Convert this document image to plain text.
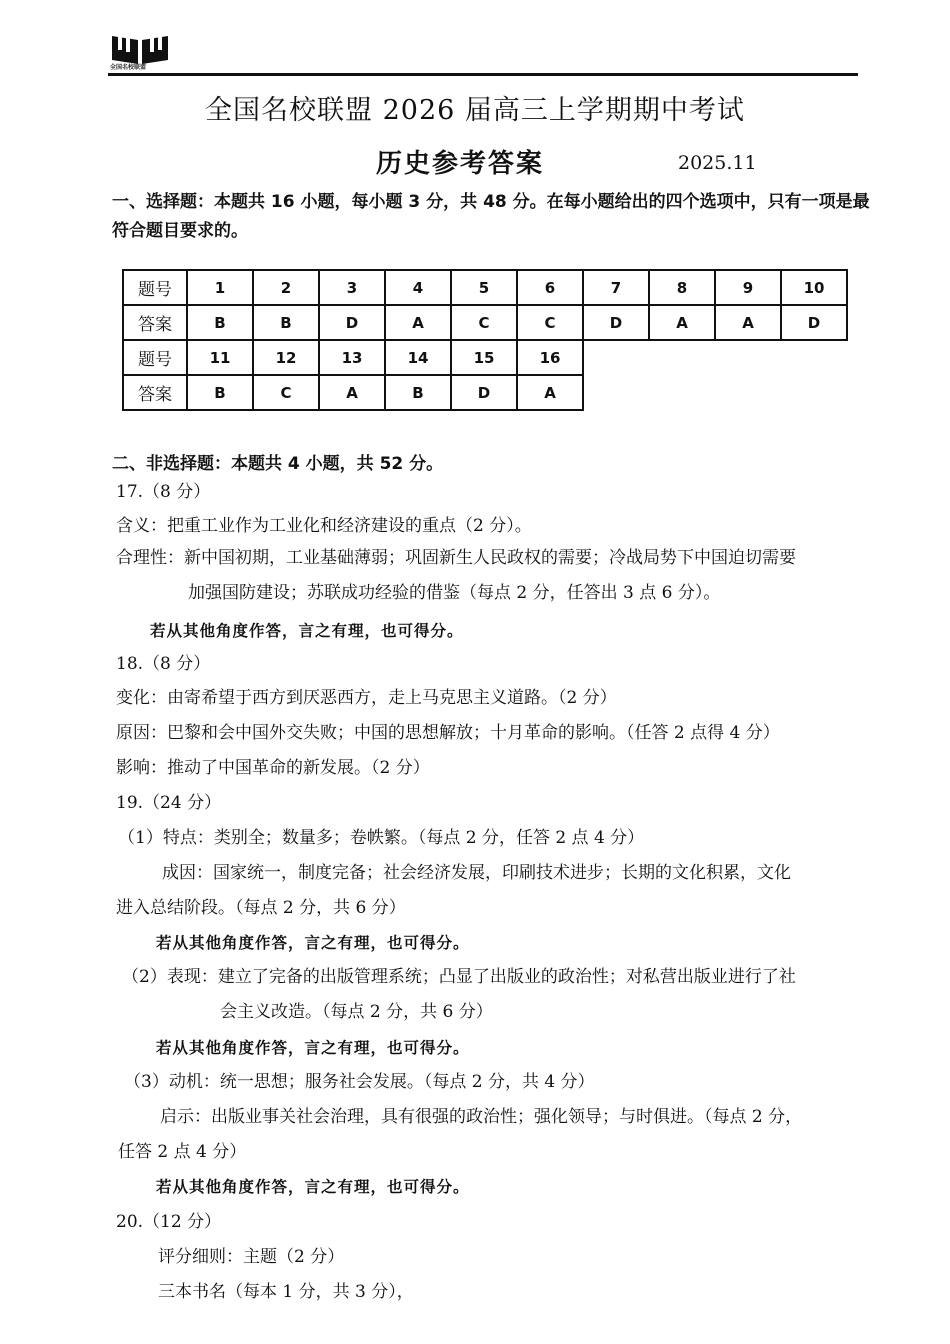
全国名校联盟
全国名校联盟 2026 届高三上学期期中考试
历史参考答案	2025.11
一、选择题：本题共 16 小题，每小题 3 分，共 48 分。在每小题给出的四个选项中，只有一项是最符合题目要求的。
题号	1	2	3	4	5	6	7	8	9	10
答案	B	B	D	A	C	C	D	A	A	D
题号	11	12	13	14	15	16				
答案	B	C	A	B	D	A				
二、非选择题：本题共 4 小题，共 52 分。
17.（8 分）
含义：把重工业作为工业化和经济建设的重点（2 分）。
合理性：新中国初期，工业基础薄弱；巩固新生人民政权的需要；冷战局势下中国迫切需要
加强国防建设；苏联成功经验的借鉴（每点 2 分，任答出 3 点 6 分）。
若从其他角度作答，言之有理，也可得分。
18.（8 分）
变化：由寄希望于西方到厌恶西方，走上马克思主义道路。（2 分）
原因：巴黎和会中国外交失败；中国的思想解放；十月革命的影响。（任答 2 点得 4 分）
影响：推动了中国革命的新发展。（2 分）
19.（24 分）
（1）特点：类别全；数量多；卷帙繁。（每点 2 分，任答 2 点 4 分）
成因：国家统一，制度完备；社会经济发展，印刷技术进步；长期的文化积累，文化
进入总结阶段。（每点 2 分，共 6 分）
若从其他角度作答，言之有理，也可得分。
（2）表现：建立了完备的出版管理系统；凸显了出版业的政治性；对私营出版业进行了社
会主义改造。（每点 2 分，共 6 分）
若从其他角度作答，言之有理，也可得分。
（3）动机：统一思想；服务社会发展。（每点 2 分，共 4 分）
启示：出版业事关社会治理，具有很强的政治性；强化领导；与时俱进。（每点 2 分，
任答 2 点 4 分）
若从其他角度作答，言之有理，也可得分。
20.（12 分）
评分细则：主题（2 分）
三本书名（每本 1 分，共 3 分），
